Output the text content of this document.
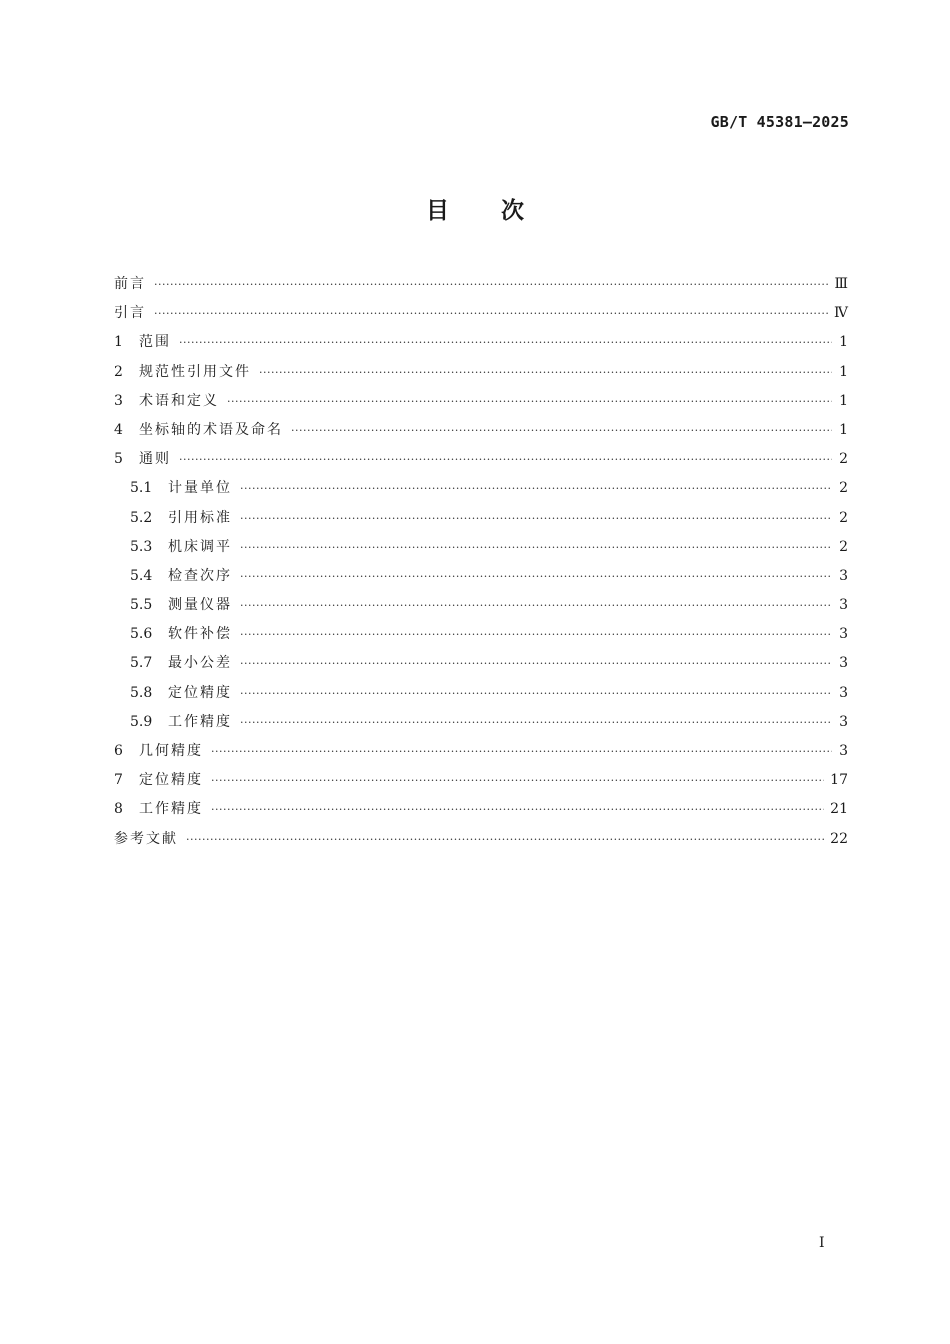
GB/T 45381—2025
目次
前言 ·····	Ⅲ
引言 ·····	Ⅳ
1	范围 ·····	1
2	规范性引用文件 ·····	1
3	术语和定义 ·····	1
4	坐标轴的术语及命名 ·····	1
5	通则 ·····	2
5.1	计量单位 ·····	2
5.2	引用标准 ·····	2
5.3	机床调平 ·····	2
5.4	检查次序 ·····	3
5.5	测量仪器 ·····	3
5.6	软件补偿 ·····	3
5.7	最小公差 ·····	3
5.8	定位精度 ·····	3
5.9	工作精度 ·····	3
6	几何精度 ·····	3
7	定位精度 ·····	17
8	工作精度 ·····	21
参考文献 ·····	22
I
